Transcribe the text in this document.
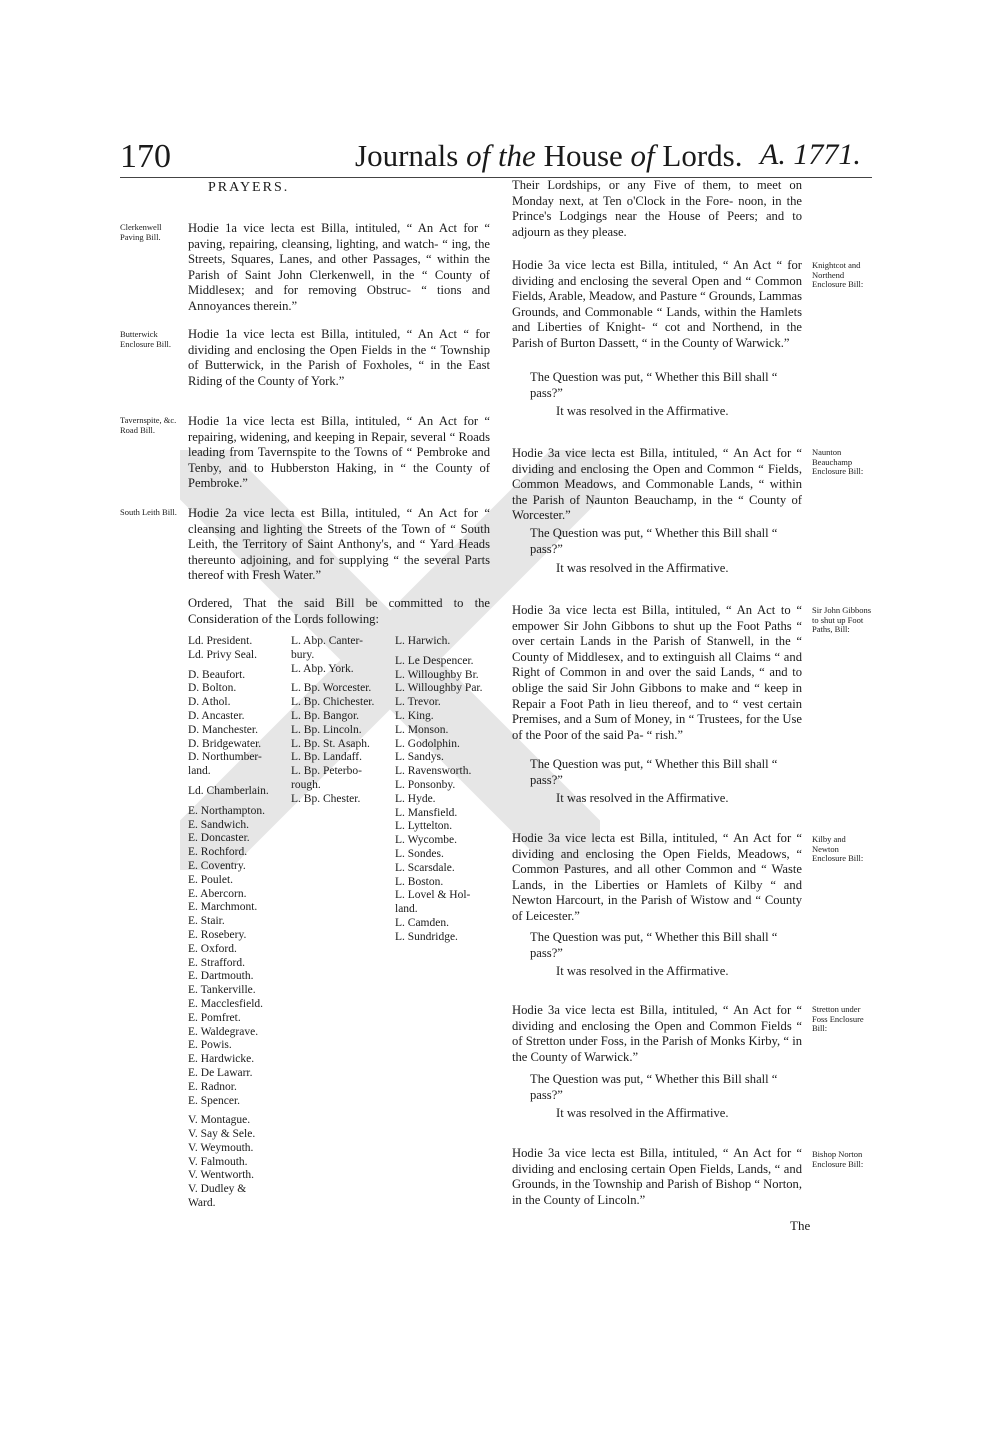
170	Journals of the House of Lords. A. 1771.
PRAYERS.
Clerkenwell Paving Bill.
Hodie 1a vice lecta est Billa, intituled, “ An Act for “ paving, repairing, cleansing, lighting, and watch- “ ing, the Streets, Squares, Lanes, and other Passages, “ within the Parish of Saint John Clerkenwell, in the “ County of Middlesex; and for removing Obstruc- “ tions and Annoyances therein.”
Butterwick Enclosure Bill.
Hodie 1a vice lecta est Billa, intituled, “ An Act “ for dividing and enclosing the Open Fields in the “ Township of Butterwick, in the Parish of Foxholes, “ in the East Riding of the County of York.”
Tavernspite, &c. Road Bill.
Hodie 1a vice lecta est Billa, intituled, “ An Act for “ repairing, widening, and keeping in Repair, several “ Roads leading from Tavernspite to the Towns of “ Pembroke and Tenby, and to Hubberston Haking, in “ the County of Pembroke.”
South Leith Bill. Hodie 2a vice lecta est Billa, intituled, “ An Act for “ cleansing and lighting the Streets of the Town of “ South Leith, the Territory of Saint Anthony's, and “ Yard Heads thereunto adjoining, and for supplying “ the several Parts thereof with Fresh Water.”
Ordered, That the said Bill be committed to the Consideration of the Lords following:
Ld. President.
Ld. Privy Seal.
D. Beaufort.
D. Bolton.
D. Athol.
D. Ancaster.
D. Manchester.
D. Bridgewater.
D. Northumber-
land.
Ld. Chamberlain.
E. Northampton.
E. Sandwich.
E. Doncaster.
E. Rochford.
E. Coventry.
E. Poulet.
E. Abercorn.
E. Marchmont.
E. Stair.
E. Rosebery.
E. Oxford.
E. Strafford.
E. Dartmouth.
E. Tankerville.
E. Macclesfield.
E. Pomfret.
E. Waldegrave.
E. Powis.
E. Hardwicke.
E. De Lawarr.
E. Radnor.
E. Spencer.
V. Montague.
V. Say & Sele.
V. Weymouth.
V. Falmouth.
V. Wentworth.
V. Dudley &
Ward.
L. Abp. Canter-
bury.
L. Abp. York.
L. Bp. Worcester.
L. Bp. Chichester.
L. Bp. Bangor.
L. Bp. Lincoln.
L. Bp. St. Asaph.
L. Bp. Landaff.
L. Bp. Peterbo-
rough.
L. Bp. Chester.
L. Harwich.
L. Le Despencer.
L. Willoughby Br.
L. Willoughby Par.
L. Trevor.
L. King.
L. Monson.
L. Godolphin.
L. Sandys.
L. Ravensworth.
L. Ponsonby.
L. Hyde.
L. Mansfield.
L. Lyttelton.
L. Wycombe.
L. Sondes.
L. Scarsdale.
L. Boston.
L. Lovel & Hol-
land.
L. Camden.
L. Sundridge.
Their Lordships, or any Five of them, to meet on Monday next, at Ten o'Clock in the Fore- noon, in the Prince's Lodgings near the House of Peers; and to adjourn as they please.
Hodie 3a vice lecta est Billa, intituled, “ An Act “ for dividing and enclosing the several Open and “ Common Fields, Arable, Meadow, and Pasture “ Grounds, Lammas Grounds, and Commonable “ Lands, within the Hamlets and Liberties of Knight- “ cot and Northend, in the Parish of Burton Dassett, “ in the County of Warwick.”
Knightcot and Northend Enclosure Bill:
The Question was put, “ Whether this Bill shall “ pass?”
It was resolved in the Affirmative.
Hodie 3a vice lecta est Billa, intituled, “ An Act for “ dividing and enclosing the Open and Common “ Fields, Common Meadows, and Commonable Lands, “ within the Parish of Naunton Beauchamp, in the “ County of Worcester.”
Naunton Beauchamp Enclosure Bill:
The Question was put, “ Whether this Bill shall “ pass?”
It was resolved in the Affirmative.
Hodie 3a vice lecta est Billa, intituled, “ An Act to “ empower Sir John Gibbons to shut up the Foot Paths “ over certain Lands in the Parish of Stanwell, in the “ County of Middlesex, and to extinguish all Claims “ and Right of Common in and over the said Lands, “ and to oblige the said Sir John Gibbons to make and “ keep in Repair a Foot Path in lieu thereof, and to “ vest certain Premises, and a Sum of Money, in “ Trustees, for the Use of the Poor of the said Pa- “ rish.”
Sir John Gibbons to shut up Foot Paths, Bill:
The Question was put, “ Whether this Bill shall “ pass?”
It was resolved in the Affirmative.
Hodie 3a vice lecta est Billa, intituled, “ An Act for “ dividing and enclosing the Open Fields, Meadows, “ Common Pastures, and all other Common and “ Waste Lands, in the Liberties or Hamlets of Kilby “ and Newton Harcourt, in the Parish of Wistow and “ County of Leicester.”
Kilby and Newton Enclosure Bill:
The Question was put, “ Whether this Bill shall “ pass?”
It was resolved in the Affirmative.
Hodie 3a vice lecta est Billa, intituled, “ An Act for “ dividing and enclosing the Open and Common Fields “ of Stretton under Foss, in the Parish of Monks Kirby, “ in the County of Warwick.”
Stretton under Foss Enclosure Bill:
The Question was put, “ Whether this Bill shall “ pass?”
It was resolved in the Affirmative.
Hodie 3a vice lecta est Billa, intituled, “ An Act for “ dividing and enclosing certain Open Fields, Lands, “ and Grounds, in the Township and Parish of Bishop “ Norton, in the County of Lincoln.”
Bishop Norton Enclosure Bill:
The
